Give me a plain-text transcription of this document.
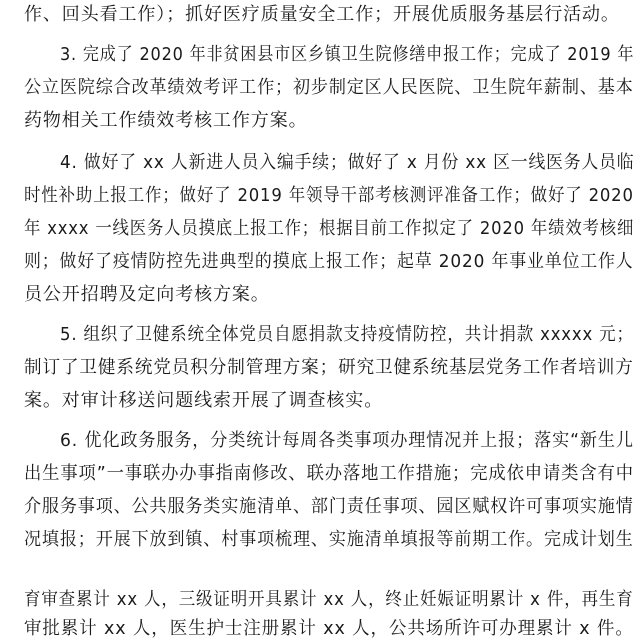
作、回头看工作）；抓好医疗质量安全工作；开展优质服务基层行活动。
3. 完成了 2020 年非贫困县市区乡镇卫生院修缮申报工作；完成了 2019 年
公立医院综合改革绩效考评工作；初步制定区人民医院、卫生院年薪制、基本
药物相关工作绩效考核工作方案。
4. 做好了 xx 人新进人员入编手续；做好了 x 月份 xx 区一线医务人员临
时性补助上报工作；做好了 2019 年领导干部考核测评准备工作；做好了 2020
年 xxxx 一线医务人员摸底上报工作；根据目前工作拟定了 2020 年绩效考核细
则；做好了疫情防控先进典型的摸底上报工作；起草 2020 年事业单位工作人
员公开招聘及定向考核方案。
5. 组织了卫健系统全体党员自愿捐款支持疫情防控，共计捐款 xxxxx 元；
制订了卫健系统党员积分制管理方案；研究卫健系统基层党务工作者培训方
案。对审计移送问题线索开展了调查核实。
6. 优化政务服务，分类统计每周各类事项办理情况并上报；落实“新生儿
出生事项”一事联办办事指南修改、联办落地工作措施；完成依申请类含有中
介服务事项、公共服务类实施清单、部门责任事项、园区赋权许可事项实施情
况填报；开展下放到镇、村事项梳理、实施清单填报等前期工作。完成计划生
育审查累计 xx 人，三级证明开具累计 xx 人，终止妊娠证明累计 x 件，再生育
审批累计 xx 人，医生护士注册累计 xx 人，公共场所许可办理累计 x 件。
